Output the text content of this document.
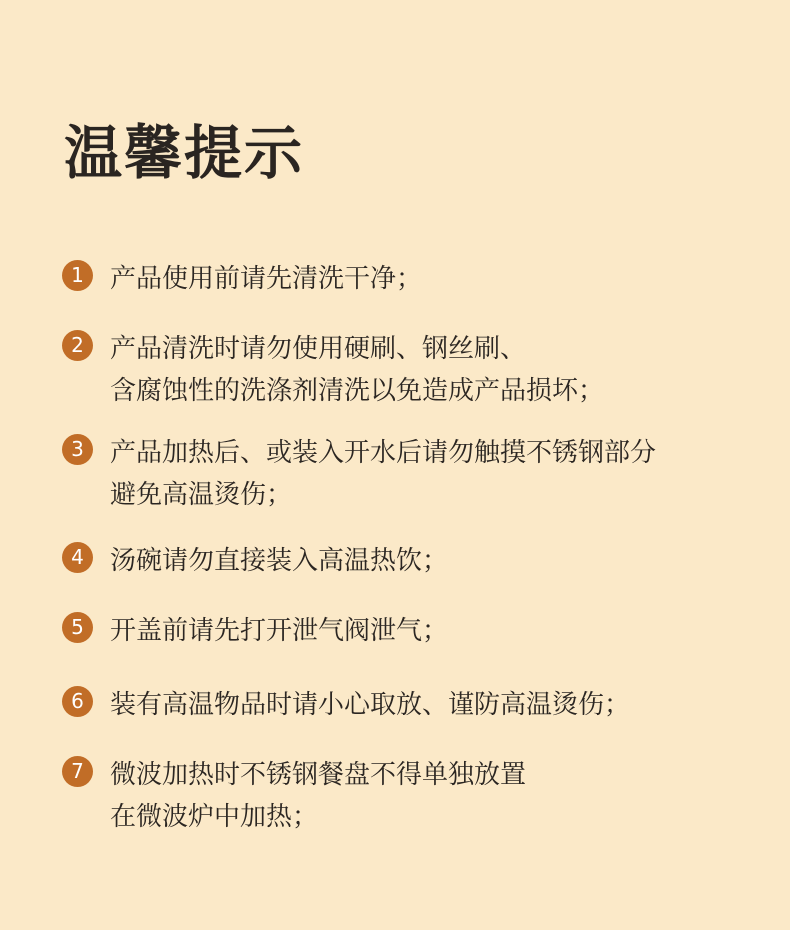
温馨提示
1	产品使用前请先清洗干净；
2	产品清洗时请勿使用硬刷、钢丝刷、
含腐蚀性的洗涤剂清洗以免造成产品损坏；
3	产品加热后、或装入开水后请勿触摸不锈钢部分
避免高温烫伤；
4	汤碗请勿直接装入高温热饮；
5	开盖前请先打开泄气阀泄气；
6	装有高温物品时请小心取放、谨防高温烫伤；
7	微波加热时不锈钢餐盘不得单独放置
在微波炉中加热；
